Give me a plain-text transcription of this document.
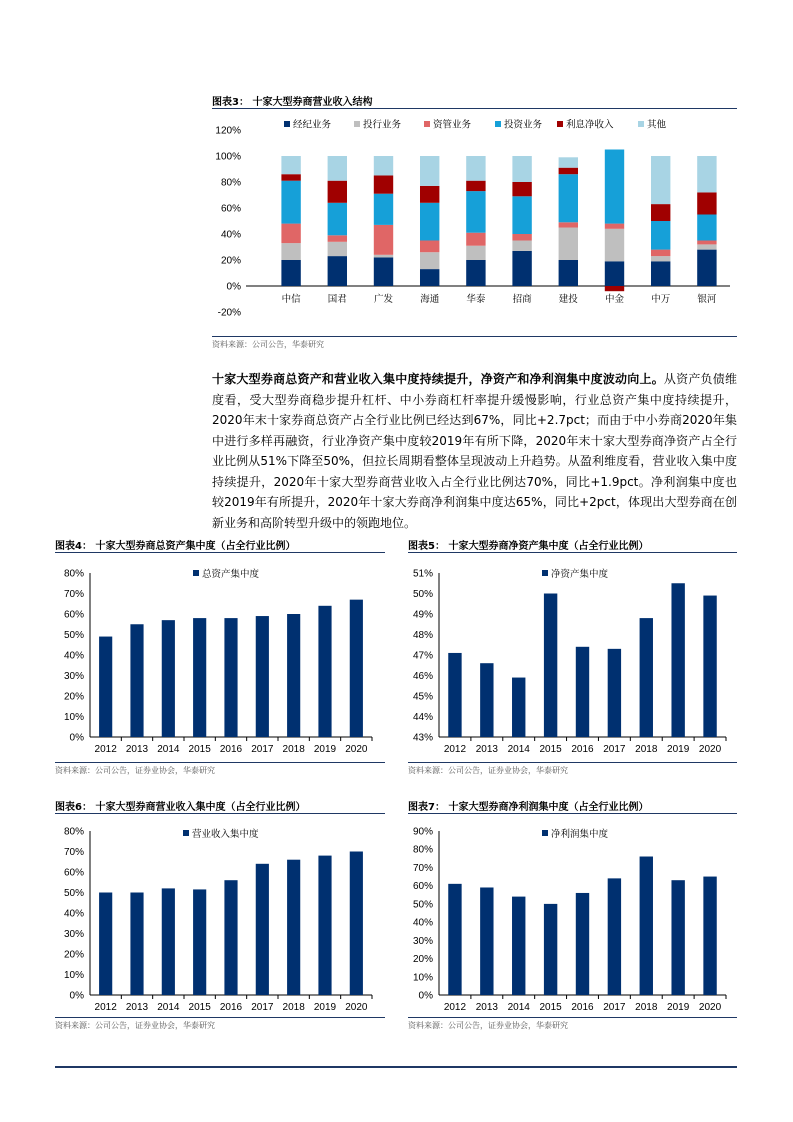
图表3： 十家大型券商营业收入结构
-20%
0%
20%
40%
60%
80%
100%
120%
中信	国君	广发	海通	华泰	招商	建投	中金	中万	银河
经纪业务	投行业务	资管业务	投资业务	利息净收入	其他
资料来源：公司公告，华泰研究
十家大型券商总资产和营业收入集中度持续提升，净资产和净利润集中度波动向上。从资产负债维度看，受大型券商稳步提升杠杆、中小券商杠杆率提升缓慢影响，行业总资产集中度持续提升，2020年末十家券商总资产占全行业比例已经达到67%，同比+2.7pct；而由于中小券商2020年集中进行多样再融资，行业净资产集中度较2019年有所下降，2020年末十家大型券商净资产占全行业比例从51%下降至50%，但拉长周期看整体呈现波动上升趋势。从盈利维度看，营业收入集中度持续提升，2020年十家大型券商营业收入占全行业比例达70%，同比+1.9pct。净利润集中度也较2019年有所提升，2020年十家大券商净利润集中度达65%，同比+2pct，体现出大型券商在创新业务和高阶转型升级中的领跑地位。
图表4： 十家大型券商总资产集中度（占全行业比例）
0%
10%
20%
30%
40%
50%
60%
70%
80%
2012 2013 2014 2015 2016 2017 2018 2019 2020
总资产集中度
资料来源：公司公告，证券业协会，华泰研究
图表5： 十家大型券商净资产集中度（占全行业比例）
43%
44%
45%
46%
47%
48%
49%
50%
51%
2012 2013 2014 2015 2016 2017 2018 2019 2020
净资产集中度
资料来源：公司公告，证券业协会，华泰研究
图表6： 十家大型券商营业收入集中度（占全行业比例）
0%
10%
20%
30%
40%
50%
60%
70%
80%
2012 2013 2014 2015 2016 2017 2018 2019 2020
营业收入集中度
资料来源：公司公告，证券业协会，华泰研究
图表7： 十家大型券商净利润集中度（占全行业比例）
0%
10%
20%
30%
40%
50%
60%
70%
80%
90%
2012 2013 2014 2015 2016 2017 2018 2019 2020
净利润集中度
资料来源：公司公告，证券业协会，华泰研究
